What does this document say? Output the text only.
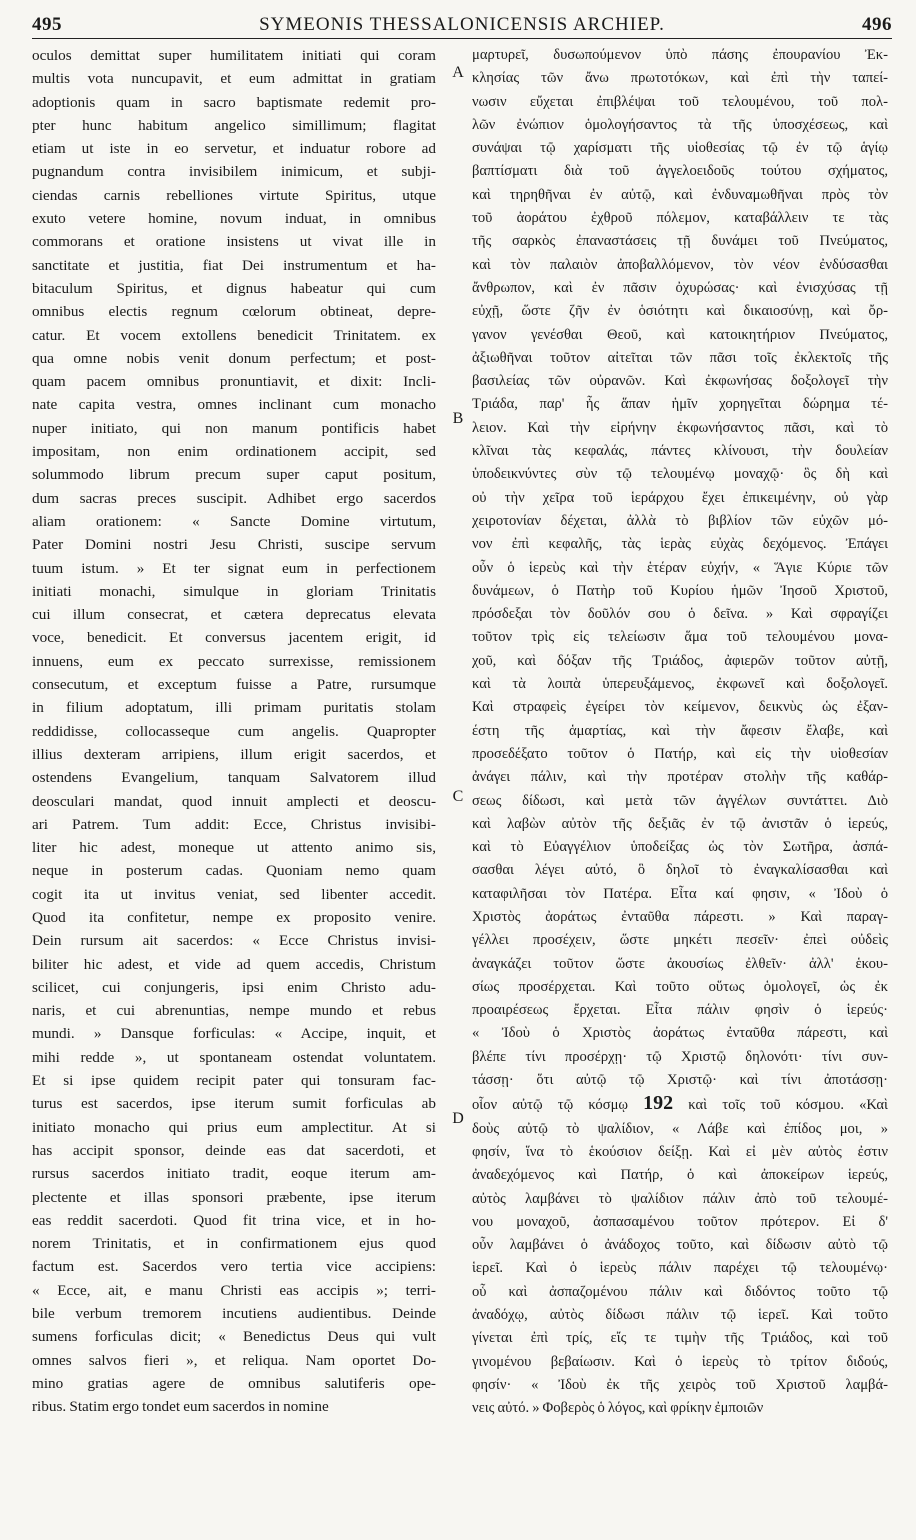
495	SYMEONIS THESSALONICENSIS ARCHIEP.	496
oculos demittat super humilitatem initiati qui coram
multis vota nuncupavit, et eum admittat in gratiam
adoptionis quam in sacro baptismate redemit pro-
pter hunc habitum angelico simillimum; flagitat
etiam ut iste in eo servetur, et induatur robore ad
pugnandum contra invisibilem inimicum, et subji-
ciendas carnis rebelliones virtute Spiritus, utque
exuto vetere homine, novum induat, in omnibus
commorans et oratione insistens ut vivat ille in
sanctitate et justitia, fiat Dei instrumentum et ha-
bitaculum Spiritus, et dignus habeatur qui cum
omnibus electis regnum cœlorum obtineat, depre-
catur. Et vocem extollens benedicit Trinitatem. ex
qua omne nobis venit donum perfectum; et post-
quam pacem omnibus pronuntiavit, et dixit: Incli-
nate capita vestra, omnes inclinant cum monacho
nuper initiato, qui non manum pontificis habet
impositam, non enim ordinationem accipit, sed
solummodo librum precum super caput positum,
dum sacras preces suscipit. Adhibet ergo sacerdos
aliam orationem: « Sancte Domine virtutum,
Pater Domini nostri Jesu Christi, suscipe servum
tuum istum. » Et ter signat eum in perfectionem
initiati monachi, simulque in gloriam Trinitatis
cui illum consecrat, et cætera deprecatus elevata
voce, benedicit. Et conversus jacentem erigit, id
innuens, eum ex peccato surrexisse, remissionem
consecutum, et exceptum fuisse a Patre, rursumque
in filium adoptatum, illi primam puritatis stolam
reddidisse, collocasseque cum angelis. Quapropter
illius dexteram arripiens, illum erigit sacerdos, et
ostendens Evangelium, tanquam Salvatorem illud
deosculari mandat, quod innuit amplecti et deoscu-
ari Patrem. Tum addit: Ecce, Christus invisibi-
liter hic adest, moneque ut attento animo sis,
neque in posterum cadas. Quoniam nemo quam
cogit ita ut invitus veniat, sed libenter accedit.
Quod ita confitetur, nempe ex proposito venire.
Dein rursum ait sacerdos: « Ecce Christus invisi-
biliter hic adest, et vide ad quem accedis, Christum
scilicet, cui conjungeris, ipsi enim Christo adu-
naris, et cui abrenuntias, nempe mundo et rebus
mundi. » Dansque forficulas: « Accipe, inquit, et
mihi redde », ut spontaneam ostendat voluntatem.
Et si ipse quidem recipit pater qui tonsuram fac-
turus est sacerdos, ipse iterum sumit forficulas ab
initiato monacho qui prius eum amplectitur. At si
has accipit sponsor, deinde eas dat sacerdoti, et
rursus sacerdos initiato tradit, eoque iterum am-
plectente et illas sponsori præbente, ipse iterum
eas reddit sacerdoti. Quod fit trina vice, et in ho-
norem Trinitatis, et in confirmationem ejus quod
factum est. Sacerdos vero tertia vice accipiens:
« Ecce, ait, e manu Christi eas accipis »; terri-
bile verbum tremorem incutiens audientibus. Deinde
sumens forficulas dicit; « Benedictus Deus qui vult
omnes salvos fieri », et reliqua. Nam oportet Do-
mino gratias agere de omnibus salutiferis ope-
ribus. Statim ergo tondet eum sacerdos in nomine
μαρτυρεῖ, δυσωπούμενον ὑπὸ πάσης ἐπουρανίου Ἐκ-
κλησίας τῶν ἄνω πρωτοτόκων, καὶ ἐπὶ τὴν ταπεί-
νωσιν εὔχεται ἐπιβλέψαι τοῦ τελουμένου, τοῦ πολ-
λῶν ἐνώπιον ὁμολογήσαντος τὰ τῆς ὑποσχέσεως, καὶ
συνάψαι τῷ χαρίσματι τῆς υἱοθεσίας τῷ ἐν τῷ ἁγίῳ
βαπτίσματι διὰ τοῦ ἀγγελοειδοῦς τούτου σχήματος,
καὶ τηρηθῆναι ἐν αὐτῷ, καὶ ἐνδυναμωθῆναι πρὸς τὸν
τοῦ ἀοράτου ἐχθροῦ πόλεμον, καταβάλλειν τε τὰς
τῆς σαρκὸς ἐπαναστάσεις τῇ δυνάμει τοῦ Πνεύματος,
καὶ τὸν παλαιὸν ἀποβαλλόμενον, τὸν νέον ἐνδύσασθαι
ἄνθρωπον, καὶ ἐν πᾶσιν ὀχυρώσας· καὶ ἐνισχύσας τῇ
εὐχῇ, ὥστε ζῆν ἐν ὁσιότητι καὶ δικαιοσύνῃ, καὶ ὄρ-
γανον γενέσθαι Θεοῦ, καὶ κατοικητήριον Πνεύματος,
ἀξιωθῆναι τοῦτον αἰτεῖται τῶν πᾶσι τοῖς ἐκλεκτοῖς τῆς
βασιλείας τῶν οὐρανῶν. Καὶ ἐκφωνήσας δοξολογεῖ τὴν
Τριάδα, παρ' ἧς ἅπαν ἡμῖν χορηγεῖται δώρημα τέ-
λειον. Καὶ τὴν εἰρήνην ἐκφωνήσαντος πᾶσι, καὶ τὸ
κλῖναι τὰς κεφαλάς, πάντες κλίνουσι, τὴν δουλείαν
ὑποδεικνύντες σὺν τῷ τελουμένῳ μοναχῷ· ὃς δὴ καὶ
οὐ τὴν χεῖρα τοῦ ἱεράρχου ἔχει ἐπικειμένην, οὐ γὰρ
χειροτονίαν δέχεται, ἀλλὰ τὸ βιβλίον τῶν εὐχῶν μό-
νον ἐπὶ κεφαλῆς, τὰς ἱερὰς εὐχὰς δεχόμενος. Ἐπάγει
οὖν ὁ ἱερεὺς καὶ τὴν ἑτέραν εὐχήν, « Ἅγιε Κύριε τῶν
δυνάμεων, ὁ Πατὴρ τοῦ Κυρίου ἡμῶν Ἰησοῦ Χριστοῦ,
πρόσδεξαι τὸν δοῦλόν σου ὁ δεῖνα. » Καὶ σφραγίζει
τοῦτον τρὶς εἰς τελείωσιν ἅμα τοῦ τελουμένου μονα-
χοῦ, καὶ δόξαν τῆς Τριάδος, ἀφιερῶν τοῦτον αὐτῇ,
καὶ τὰ λοιπὰ ὑπερευξάμενος, ἐκφωνεῖ καὶ δοξολογεῖ.
Καὶ στραφεὶς ἐγείρει τὸν κείμενον, δεικνὺς ὡς ἐξαν-
έστη τῆς ἁμαρτίας, καὶ τὴν ἄφεσιν ἔλαβε, καὶ
προσεδέξατο τοῦτον ὁ Πατήρ, καὶ εἰς τὴν υἱοθεσίαν
ἀνάγει πάλιν, καὶ τὴν προτέραν στολὴν τῆς καθάρ-
σεως δίδωσι, καὶ μετὰ τῶν ἀγγέλων συντάττει. Διὸ
καὶ λαβὼν αὐτὸν τῆς δεξιᾶς ἐν τῷ ἀνιστᾶν ὁ ἱερεύς,
καὶ τὸ Εὐαγγέλιον ὑποδείξας ὡς τὸν Σωτῆρα, ἀσπά-
σασθαι λέγει αὐτό, ὃ δηλοῖ τὸ ἐναγκαλίσασθαι καὶ
καταφιλῆσαι τὸν Πατέρα. Εἶτα καί φησιν, « Ἰδοὺ ὁ
Χριστὸς ἀοράτως ἐνταῦθα πάρεστι. » Καὶ παραγ-
γέλλει προσέχειν, ὥστε μηκέτι πεσεῖν· ἐπεὶ οὐδεὶς
ἀναγκάζει τοῦτον ὥστε ἀκουσίως ἐλθεῖν· ἀλλ' ἑκου-
σίως προσέρχεται. Καὶ τοῦτο οὕτως ὁμολογεῖ, ὡς ἐκ
προαιρέσεως ἔρχεται. Εἶτα πάλιν φησὶν ὁ ἱερεύς·
« Ἰδοὺ ὁ Χριστὸς ἀοράτως ἐνταῦθα πάρεστι, καὶ
βλέπε τίνι προσέρχῃ· τῷ Χριστῷ δηλονότι· τίνι συν-
τάσσῃ· ὅτι αὐτῷ τῷ Χριστῷ· καὶ τίνι ἀποτάσσῃ·
οἷον αὐτῷ τῷ κόσμῳ 192 καὶ τοῖς τοῦ κόσμου. «Καὶ
δοὺς αὐτῷ τὸ ψαλίδιον, « Λάβε καὶ ἐπίδος μοι, »
φησίν, ἵνα τὸ ἑκούσιον δείξῃ. Καὶ εἰ μὲν αὐτὸς ἐστιν
ἀναδεχόμενος καὶ Πατήρ, ὁ καὶ ἀποκείρων ἱερεύς,
αὐτὸς λαμβάνει τὸ ψαλίδιον πάλιν ἀπὸ τοῦ τελουμέ-
νου μοναχοῦ, ἀσπασαμένου τοῦτον πρότερον. Εἰ δ'
οὖν λαμβάνει ὁ ἀνάδοχος τοῦτο, καὶ δίδωσιν αὐτὸ τῷ
ἱερεῖ. Καὶ ὁ ἱερεὺς πάλιν παρέχει τῷ τελουμένῳ·
οὗ καὶ ἀσπαζομένου πάλιν καὶ διδόντος τοῦτο τῷ
ἀναδόχῳ, αὐτὸς δίδωσι πάλιν τῷ ἱερεῖ. Καὶ τοῦτο
γίνεται ἐπὶ τρίς, εἴς τε τιμὴν τῆς Τριάδος, καὶ τοῦ
γινομένου βεβαίωσιν. Καὶ ὁ ἱερεὺς τὸ τρίτον διδούς,
φησίν· « Ἰδοὺ ἐκ τῆς χειρὸς τοῦ Χριστοῦ λαμβά-
νεις αὐτό. » Φοβερὸς ὁ λόγος, καὶ φρίκην ἐμποιῶν
A
B
C
D
